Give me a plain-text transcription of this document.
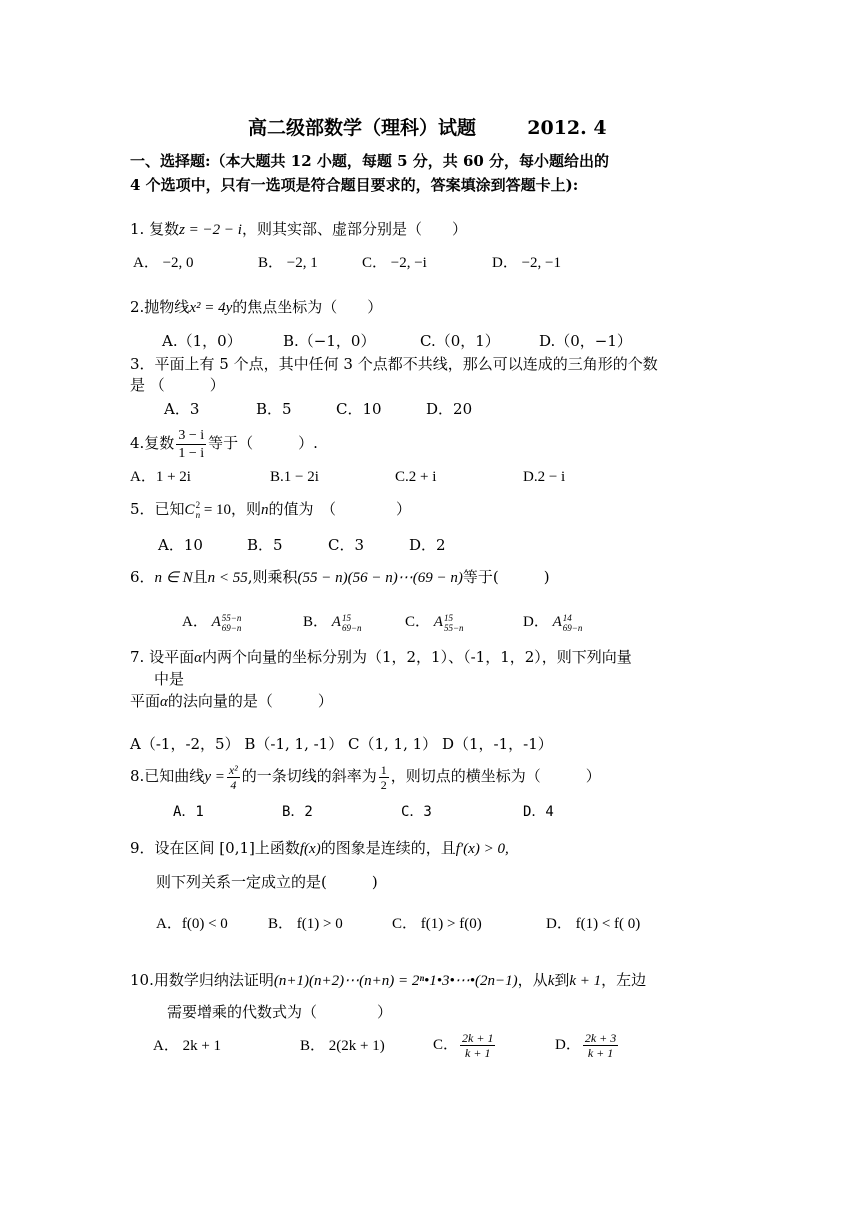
高二级部数学（理科）试题	2012. 4
一、选择题:（本大题共 12 小题，每题 5 分，共 60 分，每小题给出的
4 个选项中，只有一选项是符合题目要求的，答案填涂到答题卡上):
1. 复数z = −2 − i，则其实部、虚部分别是（　　）
A． −2, 0	B． −2, 1	C． −2, −i	D． −2, −1
2.抛物线x² = 4y的焦点坐标为（　　）
A.（1，0）	B.（−1，0）	C.（0，1）	D.（0，−1）
3．平面上有 5 个点，其中任何 3 个点都不共线，那么可以连成的三角形的个数
是 （　　　）
A．3	B．5	C．10	D．20
4.复数 $\frac{3 - i}{1 - i}$ 等于（　　　）.
A．1 + 2i	B.1 − 2i	C.2 + i	D.2 − i
5．已知C 2
n = 10，则n的值为　（　　　　）
A．10	B．5	C．3	D．2
6．n ∈ N且n < 55,则乘积(55 − n)(56 − n)⋯(69 − n)等于(　　　)
A． A 55−n
69−n	B． A 15
69−n	C． A 15
55−n	D． A 14
69−n
7. 设平面α内两个向量的坐标分别为（1，2，1）、（-1，1，2），则下列向量
中是
平面α的法向量的是（　　　）
A（-1，-2，5） B（-1, 1, -1） C（1, 1, 1） D（1，-1，-1）
8.已知曲线$y = \frac{\text{x²}}{4}$ 的一条切线的斜率为 $\frac{1}{2}$ ，则切点的横坐标为（　　　）
A．1	B．2	C．3	D．4
9．设在区间 [0,1]上函数f(x)的图象是连续的，且f′(x) > 0,
则下列关系一定成立的是(　　　)
A．f(0) < 0	B． f(1) > 0	C． f(1) > f(0)	D． f(1) < f( 0)
10.用数学归纳法证明(n+1)(n+2)⋯(n+n) = 2ⁿ•1•3•⋯•(2n−1)，从k到k + 1，左边
需要增乘的代数式为（　　　　）
A． 2k + 1	B． 2(2k + 1)	C． $\frac{2k + 1}{k + 1}$	D． $\frac{2k + 3}{k + 1}$
